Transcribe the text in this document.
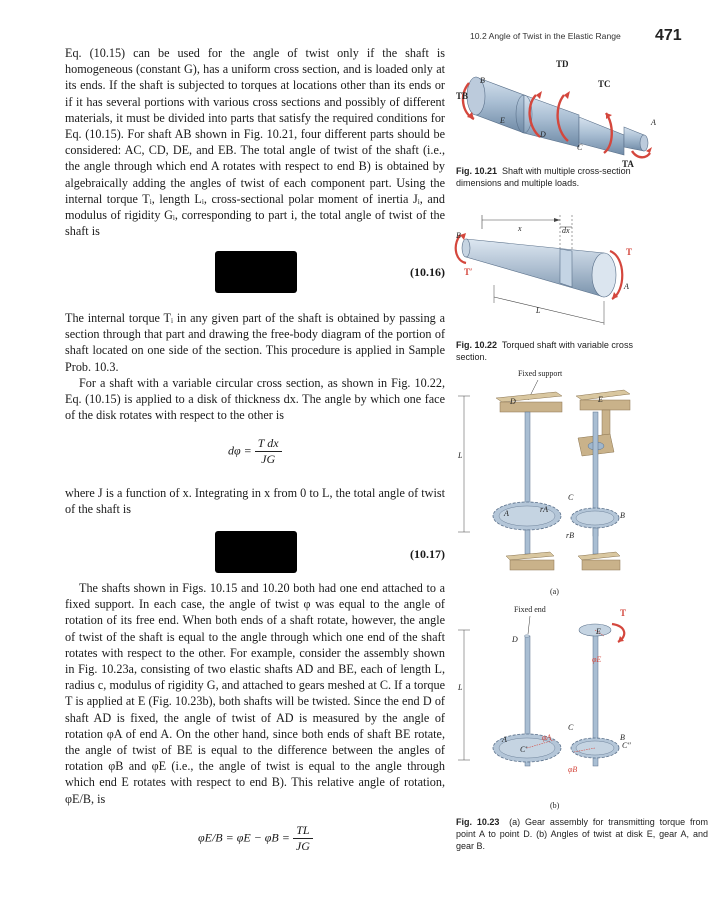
10.2 Angle of Twist in the Elastic Range 471
Eq. (10.15) can be used for the angle of twist only if the shaft is homogeneous (constant G), has a uniform cross section, and is loaded only at its ends. If the shaft is subjected to torques at locations other than its ends or if it has several portions with various cross sections and possibly of different materials, it must be divided into parts that satisfy the required conditions for Eq. (10.15). For shaft AB shown in Fig. 10.21, four different parts should be considered: AC, CD, DE, and EB. The total angle of twist of the shaft (i.e., the angle through which end A rotates with respect to end B) is obtained by algebraically adding the angles of twist of each component part. Using the internal torque Tᵢ, length Lᵢ, cross-sectional polar moment of inertia Jᵢ, and modulus of rigidity Gᵢ, corresponding to part i, the total angle of twist of the shaft is
(10.16)
The internal torque Tᵢ in any given part of the shaft is obtained by passing a section through that part and drawing the free-body diagram of the portion of shaft located on one side of the section. This procedure is applied in Sample Prob. 10.3.
For a shaft with a variable circular cross section, as shown in Fig. 10.22, Eq. (10.15) is applied to a disk of thickness dx. The angle by which one face of the disk rotates with respect to the other is
$d\varphi = \frac{\text{T dx}}{JG}$
where J is a function of x. Integrating in x from 0 to L, the total angle of twist of the shaft is
(10.17)
The shafts shown in Figs. 10.15 and 10.20 both had one end attached to a fixed support. In each case, the angle of twist φ was equal to the angle of rotation of its free end. When both ends of a shaft rotate, however, the angle of twist of the shaft is equal to the angle through which one end of the shaft rotates with respect to the other. For example, consider the assembly shown in Fig. 10.23a, consisting of two elastic shafts AD and BE, each of length L, radius c, modulus of rigidity G, and attached to gears meshed at C. If a torque T is applied at E (Fig. 10.23b), both shafts will be twisted. Since the end D of shaft AD is fixed, the angle of twist of AD is measured by the angle of rotation φA of end A. On the other hand, since both ends of shaft BE rotate, the angle of twist of BE is equal to the difference between the angles of rotation φB and φE (i.e., the angle of twist is equal to the angle through which end E rotates with respect to end B). This relative angle of rotation, φE/B, is
$\varphi E/B = \varphi E - \varphi B = \frac{TL}{JG}$
TD
TC
TB
TA
B
E
D
C
A
Fig. 10.21 Shaft with multiple cross-section dimensions and multiple loads.
x	dx
B
T
T′
A
L
Fig. 10.22 Torqued shaft with variable cross section.
Fixed support
L
D	E
C
A	rA
rB
B
(a)
Fixed end
L
T
D
E
φE
φA
C
A
C′
B
C″
φB
(b)
Fig. 10.23 (a) Gear assembly for transmitting torque from point A to point D. (b) Angles of twist at disk E, gear A, and gear B.
